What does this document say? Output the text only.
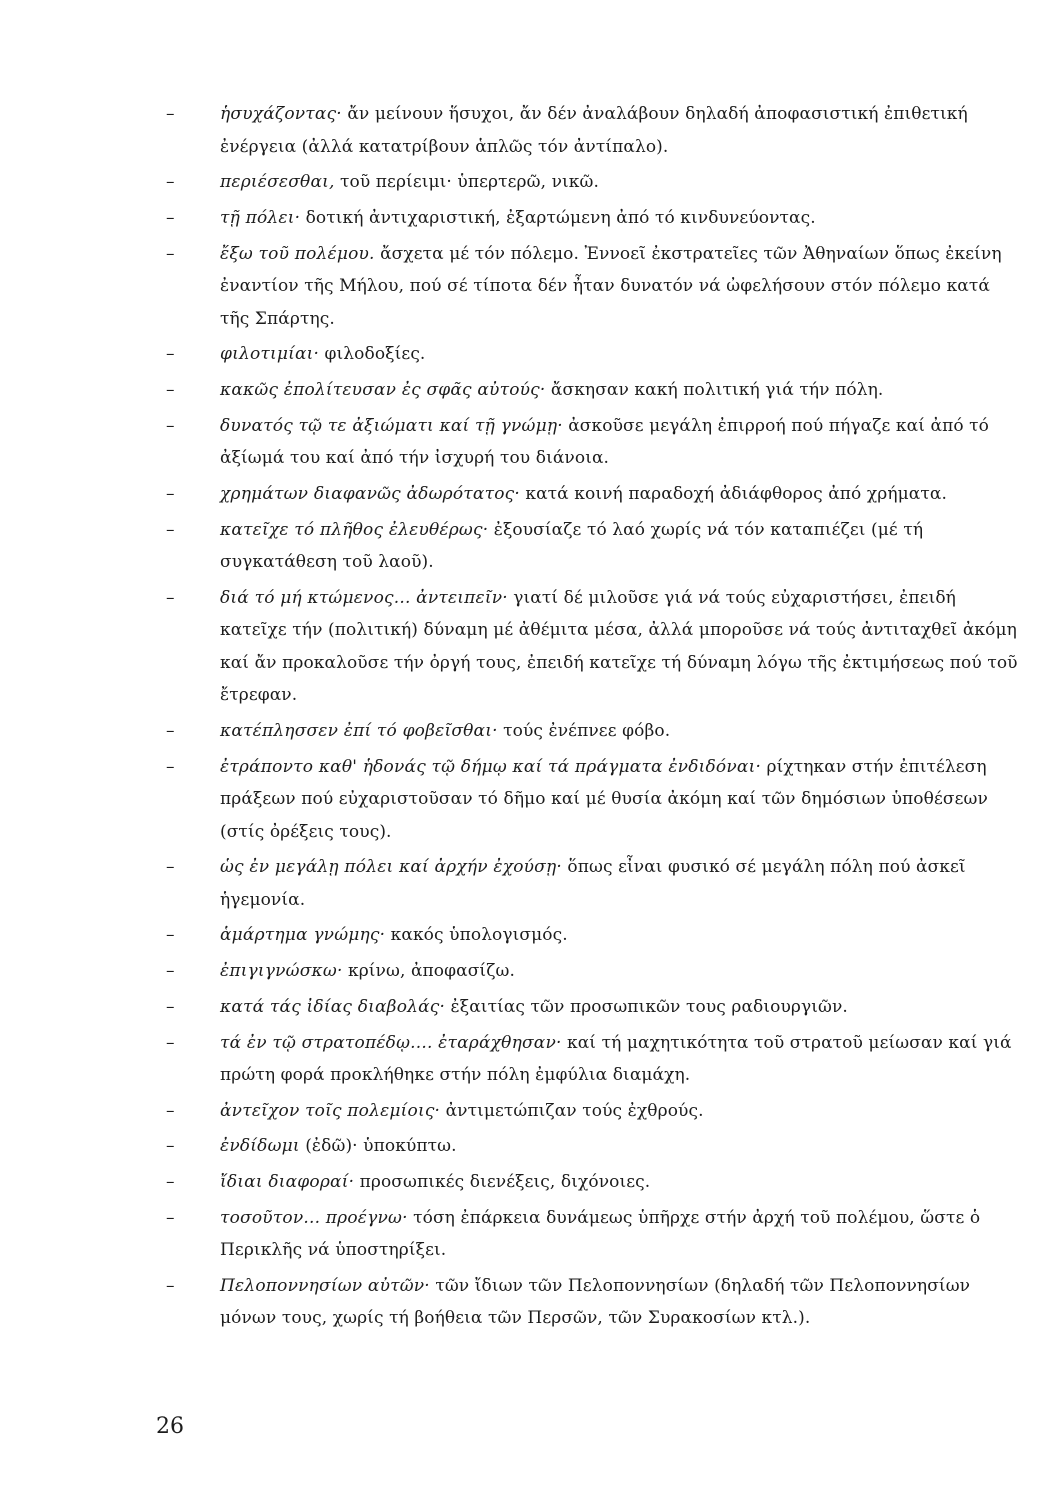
–	ἡσυχάζοντας· ἄν μείνουν ἥσυχοι, ἄν δέν ἀναλάβουν δηλαδή ἀποφασιστική ἐπιθετική ἐνέργεια (ἀλλά κατατρίβουν ἁπλῶς τόν ἀντίπαλο).
–	περιέσεσθαι, τοῦ περίειμι· ὑπερτερῶ, νικῶ.
–	τῇ πόλει· δοτική ἀντιχαριστική, ἐξαρτώμενη ἀπό τό κινδυνεύοντας.
–	ἔξω τοῦ πολέμου. ἄσχετα μέ τόν πόλεμο. Ἐννοεῖ ἐκστρατεῖες τῶν Ἀθηναίων ὅπως ἐκείνη ἐναντίον τῆς Μήλου, πού σέ τίποτα δέν ἦταν δυνατόν νά ὠφελήσουν στόν πόλεμο κατά τῆς Σπάρτης.
–	φιλοτιμίαι· φιλοδοξίες.
–	κακῶς ἐπολίτευσαν ἐς σφᾶς αὐτούς· ἄσκησαν κακή πολιτική γιά τήν πόλη.
–	δυνατός τῷ τε ἀξιώματι καί τῇ γνώμῃ· ἀσκοῦσε μεγάλη ἐπιρροή πού πήγαζε καί ἀπό τό ἀξίωμά του καί ἀπό τήν ἰσχυρή του διάνοια.
–	χρημάτων διαφανῶς ἀδωρότατος· κατά κοινή παραδοχή ἀδιάφθορος ἀπό χρήματα.
–	κατεῖχε τό πλῆθος ἐλευθέρως· ἐξουσίαζε τό λαό χωρίς νά τόν καταπιέζει (μέ τή συγκατάθεση τοῦ λαοῦ).
–	διά τό μή κτώμενος... ἀντειπεῖν· γιατί δέ μιλοῦσε γιά νά τούς εὐχαριστήσει, ἐπειδή κατεῖχε τήν (πολιτική) δύναμη μέ ἀθέμιτα μέσα, ἀλλά μποροῦσε νά τούς ἀντιταχθεῖ ἀκόμη καί ἄν προκαλοῦσε τήν ὀργή τους, ἐπειδή κατεῖχε τή δύναμη λόγω τῆς ἐκτιμήσεως πού τοῦ ἔτρεφαν.
–	κατέπλησσεν ἐπί τό φοβεῖσθαι· τούς ἐνέπνεε φόβο.
–	ἐτράποντο καθ' ἡδονάς τῷ δήμῳ καί τά πράγματα ἐνδιδόναι· ρίχτηκαν στήν ἐπιτέλεση πράξεων πού εὐχαριστοῦσαν τό δῆμο καί μέ θυσία ἀκόμη καί τῶν δημόσιων ὑποθέσεων (στίς ὀρέξεις τους).
–	ὡς ἐν μεγάλῃ πόλει καί ἀρχήν ἐχούσῃ· ὅπως εἶναι φυσικό σέ μεγάλη πόλη πού ἀσκεῖ ἡγεμονία.
–	ἁμάρτημα γνώμης· κακός ὑπολογισμός.
–	ἐπιγιγνώσκω· κρίνω, ἀποφασίζω.
–	κατά τάς ἰδίας διαβολάς· ἐξαιτίας τῶν προσωπικῶν τους ραδιουργιῶν.
–	τά ἐν τῷ στρατοπέδῳ.... ἐταράχθησαν· καί τή μαχητικότητα τοῦ στρατοῦ μείωσαν καί γιά πρώτη φορά προκλήθηκε στήν πόλη ἐμφύλια διαμάχη.
–	ἀντεῖχον τοῖς πολεμίοις· ἀντιμετώπιζαν τούς ἐχθρούς.
–	ἐνδίδωμι (ἐδῶ)· ὑποκύπτω.
–	ἴδιαι διαφοραί· προσωπικές διενέξεις, διχόνοιες.
–	τοσοῦτον... προέγνω· τόση ἐπάρκεια δυνάμεως ὑπῆρχε στήν ἀρχή τοῦ πολέμου, ὥστε ὁ Περικλῆς νά ὑποστηρίξει.
–	Πελοποννησίων αὐτῶν· τῶν ἴδιων τῶν Πελοποννησίων (δηλαδή τῶν Πελοποννησίων μόνων τους, χωρίς τή βοήθεια τῶν Περσῶν, τῶν Συρακοσίων κτλ.).
26
